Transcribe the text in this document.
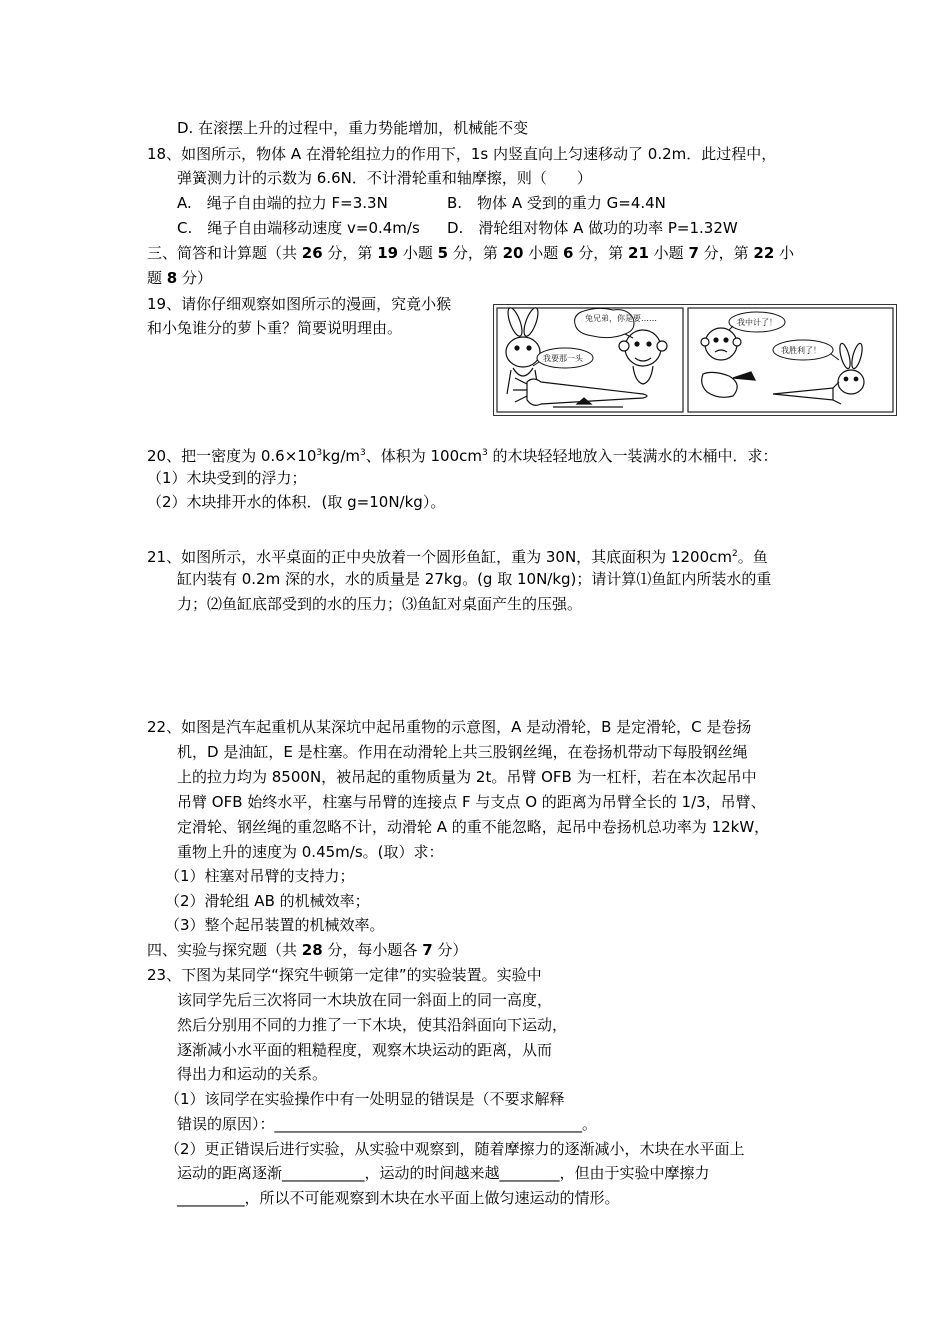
D. 在滚摆上升的过程中，重力势能增加，机械能不变
18、如图所示，物体 A 在滑轮组拉力的作用下，1s 内竖直向上匀速移动了 0.2m．此过程中，
弹簧测力计的示数为 6.6N．不计滑轮重和轴摩擦，则（　　）
A.　绳子自由端的拉力 F=3.3N	B.　物体 A 受到的重力 G=4.4N
C.　绳子自由端移动速度 v=0.4m/s D.　滑轮组对物体 A 做功的功率 P=1.32W
三、简答和计算题（共 26 分，第 19 小题 5 分，第 20 小题 6 分，第 21 小题 7 分，第 22 小
题 8 分）
19、请你仔细观察如图所示的漫画，究竟小猴
和小兔谁分的萝卜重？简要说明理由。
兔兄弟，你是要……
我要那一头
我中计了！
我胜利了！
20、把一密度为 $0.6\times 10^3kg/m^3$、体积为 $100cm^3$ 的木块轻轻地放入一装满水的木桶中．求：
（1）木块受到的浮力；
（2）木块排开水的体积．(取 g=10N/kg）。
21、如图所示，水平桌面的正中央放着一个圆形鱼缸，重为 30N，其底面积为 $1200cm^2$。鱼
缸内装有 0.2m 深的水，水的质量是 27kg。(g 取 10N/kg)；请计算⑴鱼缸内所装水的重
力；⑵鱼缸底部受到的水的压力；⑶鱼缸对桌面产生的压强。
22、如图是汽车起重机从某深坑中起吊重物的示意图，A 是动滑轮，B 是定滑轮，C 是卷扬
机，D 是油缸，E 是柱塞。作用在动滑轮上共三股钢丝绳，在卷扬机带动下每股钢丝绳
上的拉力均为 8500N，被吊起的重物质量为 2t。吊臂 OFB 为一杠杆，若在本次起吊中
吊臂 OFB 始终水平，柱塞与吊臂的连接点 F 与支点 O 的距离为吊臂全长的 1/3，吊臂、
定滑轮、钢丝绳的重忽略不计，动滑轮 A 的重不能忽略，起吊中卷扬机总功率为 12kW，
重物上升的速度为 0.45m/s。(取）求：
（1）柱塞对吊臂的支持力；
（2）滑轮组 AB 的机械效率；
（3）整个起吊装置的机械效率。
四、实验与探究题（共 28 分，每小题各 7 分）
23、下图为某同学“探究牛顿第一定律”的实验装置。实验中
该同学先后三次将同一木块放在同一斜面上的同一高度，
然后分别用不同的力推了一下木块，使其沿斜面向下运动，
逐渐减小水平面的粗糙程度，观察木块运动的距离，从而
得出力和运动的关系。
（1）该同学在实验操作中有一处明显的错误是（不要求解释
错误的原因）：_________________________________________。
（2）更正错误后进行实验，从实验中观察到，随着摩擦力的逐渐减小，木块在水平面上
运动的距离逐渐___________，运动的时间越来越________，但由于实验中摩擦力
_________，所以不可能观察到木块在水平面上做匀速运动的情形。
